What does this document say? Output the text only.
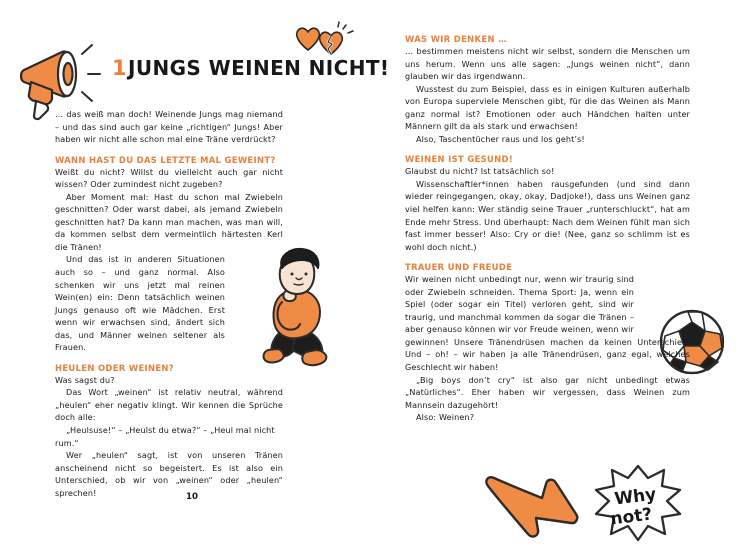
1 JUNGS WEINEN NICHT!

… das weiß man doch! Weinende Jungs mag niemand – und das sind auch gar keine „richtigen“ Jungs! Aber haben wir nicht alle schon mal eine Träne verdrückt?

WANN HAST DU DAS LETZTE MAL GEWEINT?

Weißt du nicht? Willst du vielleicht auch gar nicht wissen? Oder zumindest nicht zugeben?

Aber Moment mal: Hast du schon mal Zwiebeln geschnitten? Oder warst dabei, als jemand Zwiebeln geschnitten hat? Da kann man machen, was man will, da kommen selbst dem vermeintlich härtesten Kerl die Tränen!

Und das ist in anderen Situationen auch so – und ganz normal. Also schenken wir uns jetzt mal reinen Wein(en) ein: Denn tatsächlich weinen Jungs genauso oft wie Mädchen. Erst wenn wir erwachsen sind, ändert sich das, und Männer weinen seltener als Frauen.

HEULEN ODER WEINEN?

Was sagst du?

Das Wort „weinen“ ist relativ neutral, während „heulen“ eher negativ klingt. Wir kennen die Sprüche doch alle:

„Heulsuse!“ – „Heulst du etwa?“ – „Heul mal nicht rum.“

Wer „heulen“ sagt, ist von unseren Tränen anscheinend nicht so begeistert. Es ist also ein Unterschied, ob wir von „weinen“ oder „heulen“ sprechen!	10	Why
not?
WAS WIR DENKEN …

… bestimmen meistens nicht wir selbst, sondern die Menschen um uns herum. Wenn uns alle sagen: „Jungs weinen nicht“, dann glauben wir das irgendwann.

Wusstest du zum Beispiel, dass es in einigen Kulturen außerhalb von Europa superviele Menschen gibt, für die das Weinen als Mann ganz normal ist? Emotionen oder auch Händchen halten unter Männern gilt da als stark und erwachsen!

Also, Taschentücher raus und los geht’s!

WEINEN IST GESUND!

Glaubst du nicht? Ist tatsächlich so!

Wissenschaftler*innen haben rausgefunden (und sind dann wieder reingegangen, okay, okay, Dadjoke!), dass uns Weinen ganz viel helfen kann: Wer ständig seine Trauer „runterschluckt“, hat am Ende mehr Stress. Und überhaupt: Nach dem Weinen fühlt man sich fast immer besser! Also: Cry or die! (Nee, ganz so schlimm ist es wohl doch nicht.)

TRAUER UND FREUDE

Wir weinen nicht unbedingt nur, wenn wir traurig sind oder Zwiebeln schneiden. Thema Sport: Ja, wenn ein Spiel (oder sogar ein Titel) verloren geht, sind wir traurig, und manchmal kommen da sogar die Tränen – aber genauso können wir vor Freude weinen, wenn wir gewinnen! Unsere Tränendrüsen machen da keinen Unterschied. Und – oh! – wir haben ja alle Tränendrüsen, ganz egal, welches Geschlecht wir haben!

„Big boys don’t cry“ ist also gar nicht unbedingt etwas „Natürliches“. Eher haben wir vergessen, dass Weinen zum Mannsein dazugehört!

Also: Weinen?
